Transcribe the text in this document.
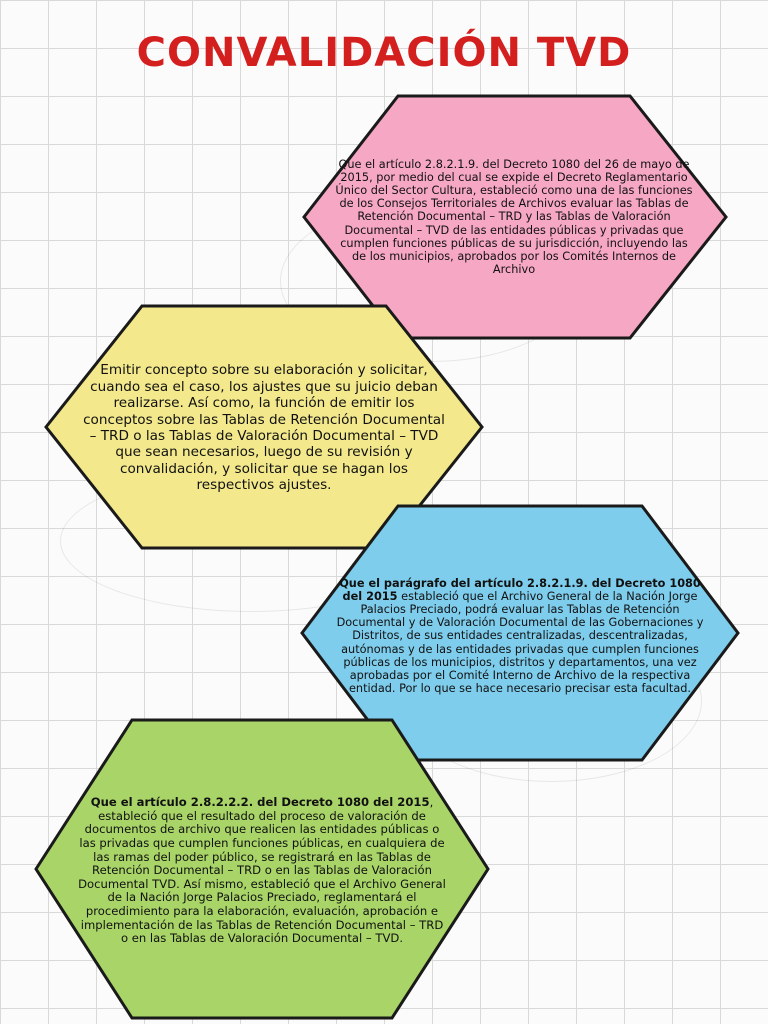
CONVALIDACIÓN TVD

Que el artículo 2.8.2.1.9. del Decreto 1080 del 26 de mayo de 2015, por medio del cual se expide el Decreto Reglamentario Único del Sector Cultura, estableció como una de las funciones de los Consejos Territoriales de Archivos evaluar las Tablas de Retención Documental – TRD y las Tablas de Valoración Documental – TVD de las entidades públicas y privadas que cumplen funciones públicas de su jurisdicción, incluyendo las de los municipios, aprobados por los Comités Internos de Archivo

Emitir concepto sobre su elaboración y solicitar, cuando sea el caso, los ajustes que su juicio deban realizarse. Así como, la función de emitir los conceptos sobre las Tablas de Retención Documental – TRD o las Tablas de Valoración Documental – TVD que sean necesarios, luego de su revisión y convalidación, y solicitar que se hagan los respectivos ajustes.

Que el parágrafo del artículo 2.8.2.1.9. del Decreto 1080 del 2015 estableció que el Archivo General de la Nación Jorge Palacios Preciado, podrá evaluar las Tablas de Retención Documental y de Valoración Documental de las Gobernaciones y Distritos, de sus entidades centralizadas, descentralizadas, autónomas y de las entidades privadas que cumplen funciones públicas de los municipios, distritos y departamentos, una vez aprobadas por el Comité Interno de Archivo de la respectiva entidad. Por lo que se hace necesario precisar esta facultad.

Que el artículo 2.8.2.2.2. del Decreto 1080 del 2015, estableció que el resultado del proceso de valoración de documentos de archivo que realicen las entidades públicas o las privadas que cumplen funciones públicas, en cualquiera de las ramas del poder público, se registrará en las Tablas de Retención Documental – TRD o en las Tablas de Valoración Documental TVD. Así mismo, estableció que el Archivo General de la Nación Jorge Palacios Preciado, reglamentará el procedimiento para la elaboración, evaluación, aprobación e implementación de las Tablas de Retención Documental – TRD o en las Tablas de Valoración Documental – TVD.
